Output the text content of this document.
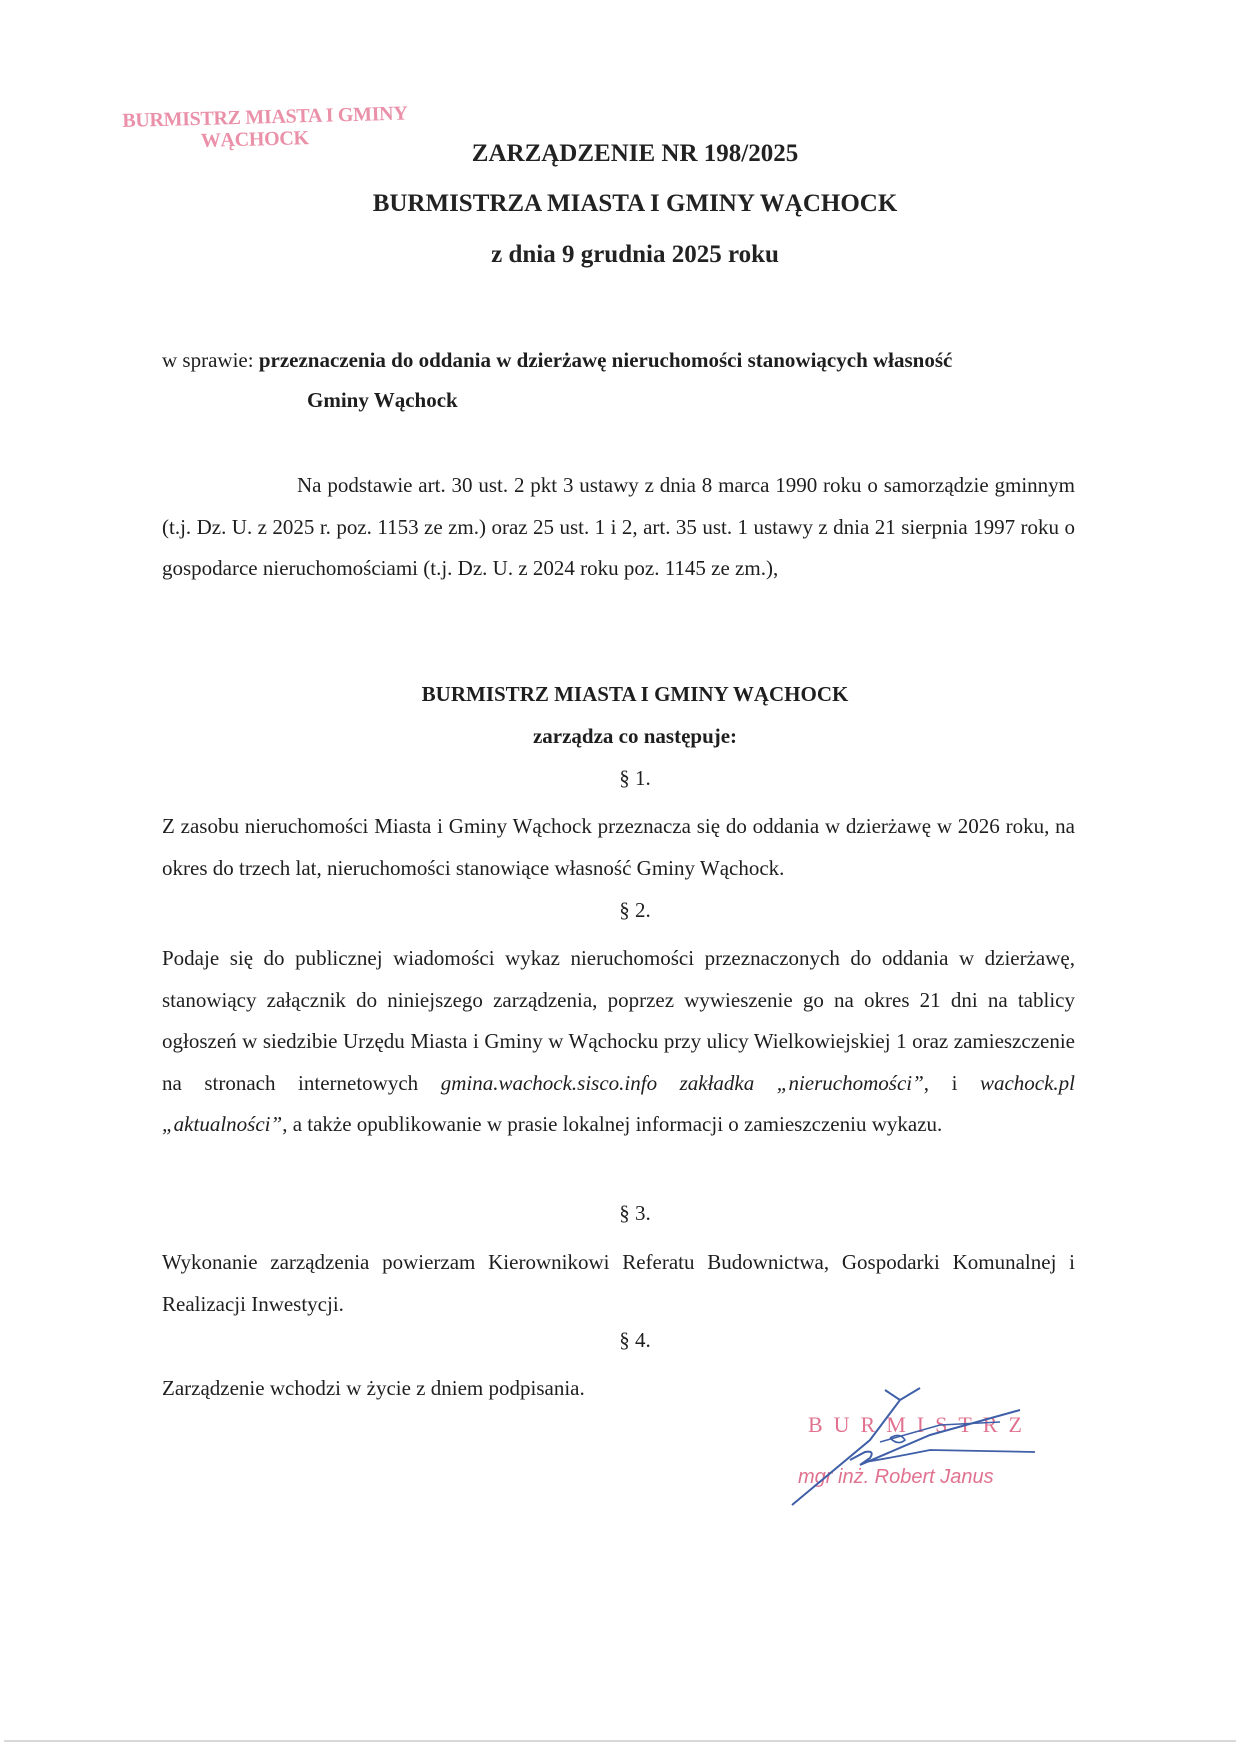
BURMISTRZ MIASTA I GMINY
WĄCHOCK
ZARZĄDZENIE NR 198/2025
BURMISTRZA MIASTA I GMINY WĄCHOCK
z dnia 9 grudnia 2025 roku
w sprawie: przeznaczenia do oddania w dzierżawę nieruchomości stanowiących własność
Gminy Wąchock
Na podstawie art. 30 ust. 2 pkt 3 ustawy z dnia 8 marca 1990 roku o samorządzie gminnym (t.j. Dz. U. z 2025 r. poz. 1153 ze zm.) oraz 25 ust. 1 i 2, art. 35 ust. 1 ustawy z dnia 21 sierpnia 1997 roku o gospodarce nieruchomościami (t.j. Dz. U. z 2024 roku poz. 1145 ze zm.),
BURMISTRZ MIASTA I GMINY WĄCHOCK
zarządza co następuje:
§ 1.
Z zasobu nieruchomości Miasta i Gminy Wąchock przeznacza się do oddania w dzierżawę w 2026 roku, na okres do trzech lat, nieruchomości stanowiące własność Gminy Wąchock.
§ 2.
Podaje się do publicznej wiadomości wykaz nieruchomości przeznaczonych do oddania w dzierżawę, stanowiący załącznik do niniejszego zarządzenia, poprzez wywieszenie go na okres 21 dni na tablicy ogłoszeń w siedzibie Urzędu Miasta i Gminy w Wąchocku przy ulicy Wielkowiejskiej 1 oraz zamieszczenie na stronach internetowych gmina.wachock.sisco.info zakładka „nieruchomości”, i wachock.pl „aktualności”, a także opublikowanie w prasie lokalnej informacji o zamieszczeniu wykazu.
§ 3.
Wykonanie zarządzenia powierzam Kierownikowi Referatu Budownictwa, Gospodarki Komunalnej i Realizacji Inwestycji.
§ 4.
Zarządzenie wchodzi w życie z dniem podpisania.
BURMISTRZ
mgr inż. Robert Janus
